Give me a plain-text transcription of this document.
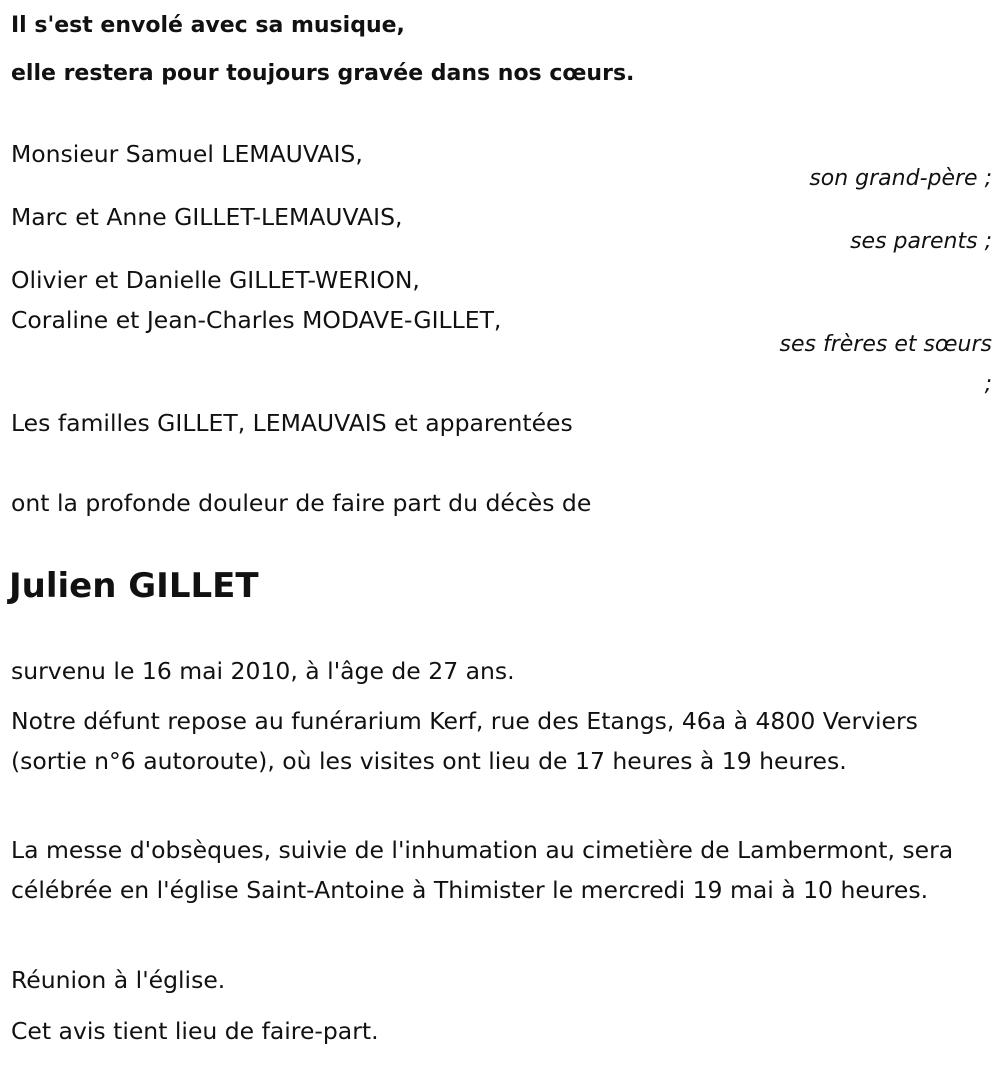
Il s'est envolé avec sa musique,

elle restera pour toujours gravée dans nos cœurs.

Monsieur Samuel LEMAUVAIS,
son grand-père ;
Marc et Anne GILLET-LEMAUVAIS,
ses parents ;
Olivier et Danielle GILLET-WERION,
Coraline et Jean-Charles MODAVE-GILLET,
ses frères et sœurs
;
Les familles GILLET, LEMAUVAIS et apparentées
ont la profonde douleur de faire part du décès de
Julien GILLET
survenu le 16 mai 2010, à l'âge de 27 ans.
Notre défunt repose au funérarium Kerf, rue des Etangs, 46a à 4800 Verviers (sortie n°6 autoroute), où les visites ont lieu de 17 heures à 19 heures.
La messe d'obsèques, suivie de l'inhumation au cimetière de Lambermont, sera célébrée en l'église Saint-Antoine à Thimister le mercredi 19 mai à 10 heures.
Réunion à l'église.
Cet avis tient lieu de faire-part.
